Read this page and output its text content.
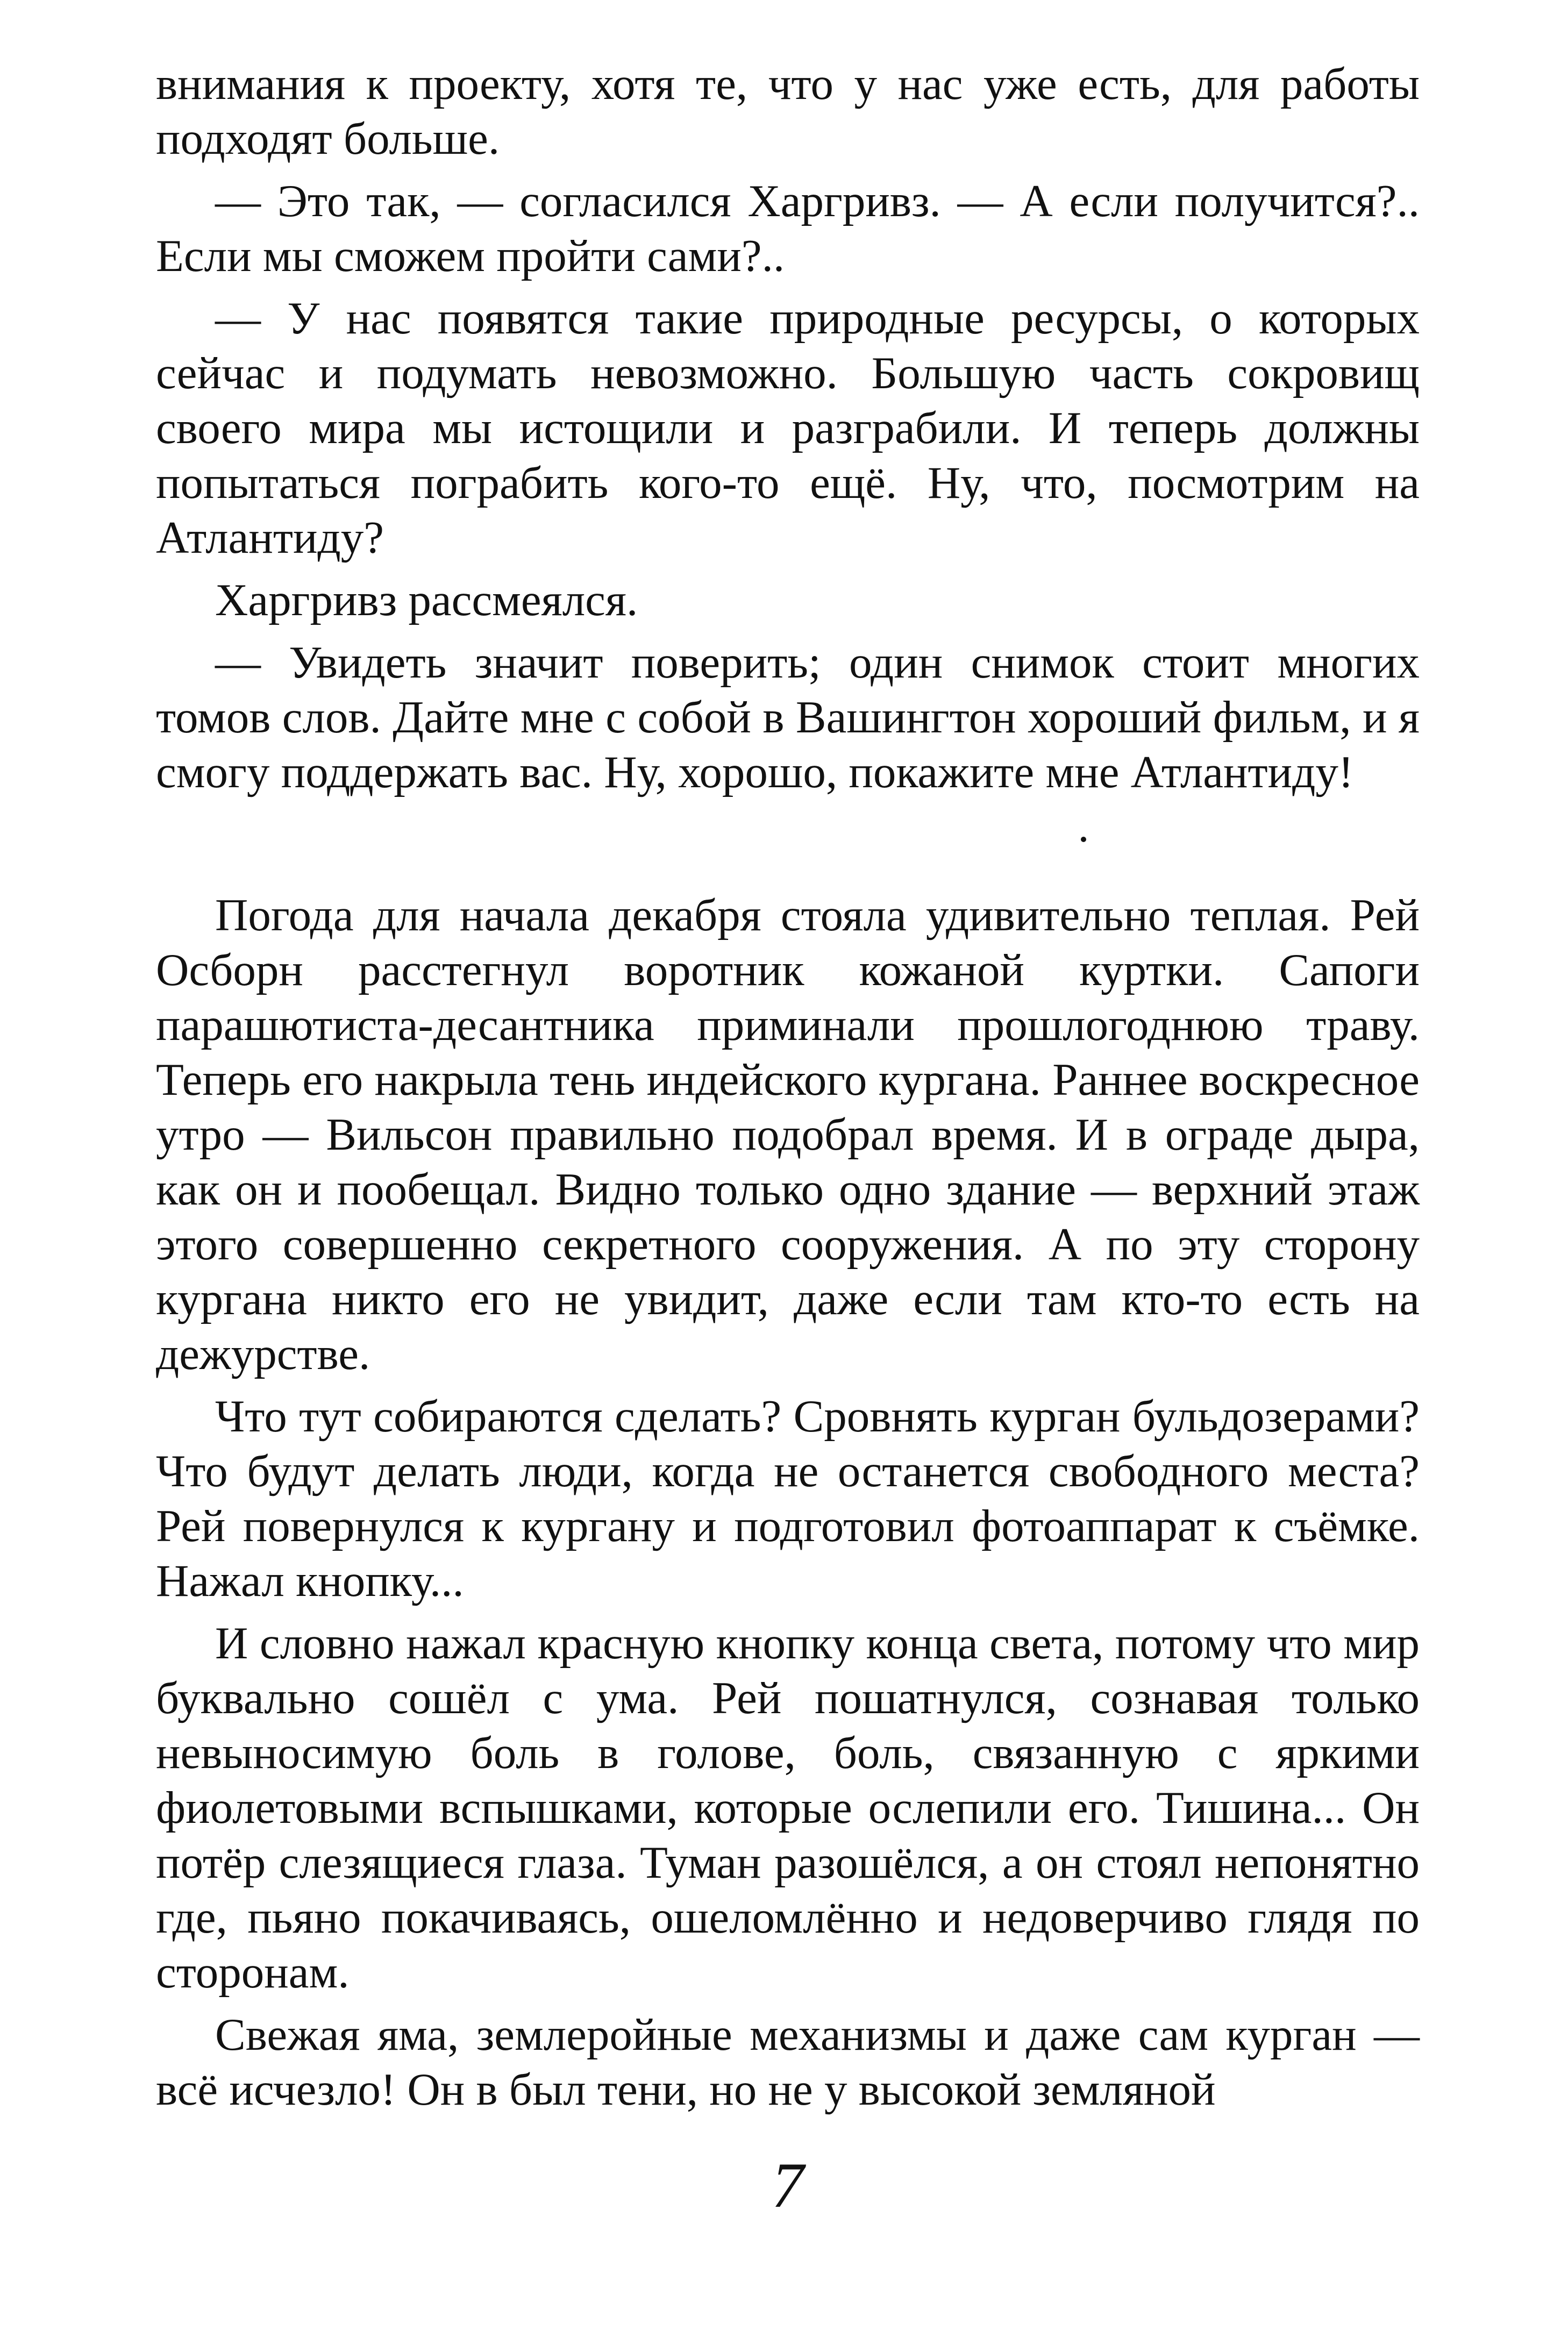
внимания к проекту, хотя те, что у нас уже есть, для работы подходят больше.

— Это так, — согласился Харгривз. — А если получится?.. Если мы сможем пройти сами?..

— У нас появятся такие природные ресурсы, о которых сейчас и подумать невозможно. Большую часть сокровищ своего мира мы истощили и разграбили. И теперь должны попытаться пограбить кого-то ещё. Ну, что, посмотрим на Атлантиду?

Харгривз рассмеялся.

— Увидеть значит поверить; один снимок стоит многих томов слов. Дайте мне с собой в Вашингтон хороший фильм, и я смогу поддержать вас. Ну, хорошо, покажите мне Атлантиду!

Погода для начала декабря стояла удивительно теплая. Рей Осборн расстегнул воротник кожаной куртки. Сапоги парашютиста-десантника приминали прошлогоднюю траву. Теперь его накрыла тень индейского кургана. Раннее воскресное утро — Вильсон правильно подобрал время. И в ограде дыра, как он и пообещал. Видно только одно здание — верхний этаж этого совершенно секретного сооружения. А по эту сторону кургана никто его не увидит, даже если там кто-то есть на дежурстве.

Что тут собираются сделать? Сровнять курган бульдозерами? Что будут делать люди, когда не останется свободного места? Рей повернулся к кургану и подготовил фотоаппарат к съёмке. Нажал кнопку...

И словно нажал красную кнопку конца света, потому что мир буквально сошёл с ума. Рей пошатнулся, сознавая только невыносимую боль в голове, боль, связанную с яркими фиолетовыми вспышками, которые ослепили его. Тишина... Он потёр слезящиеся глаза. Туман разошёлся, а он стоял непонятно где, пьяно покачиваясь, ошеломлённо и недоверчиво глядя по сторонам.

Свежая яма, землеройные механизмы и даже сам курган — всё исчезло! Он в был тени, но не у высокой земляной

7
